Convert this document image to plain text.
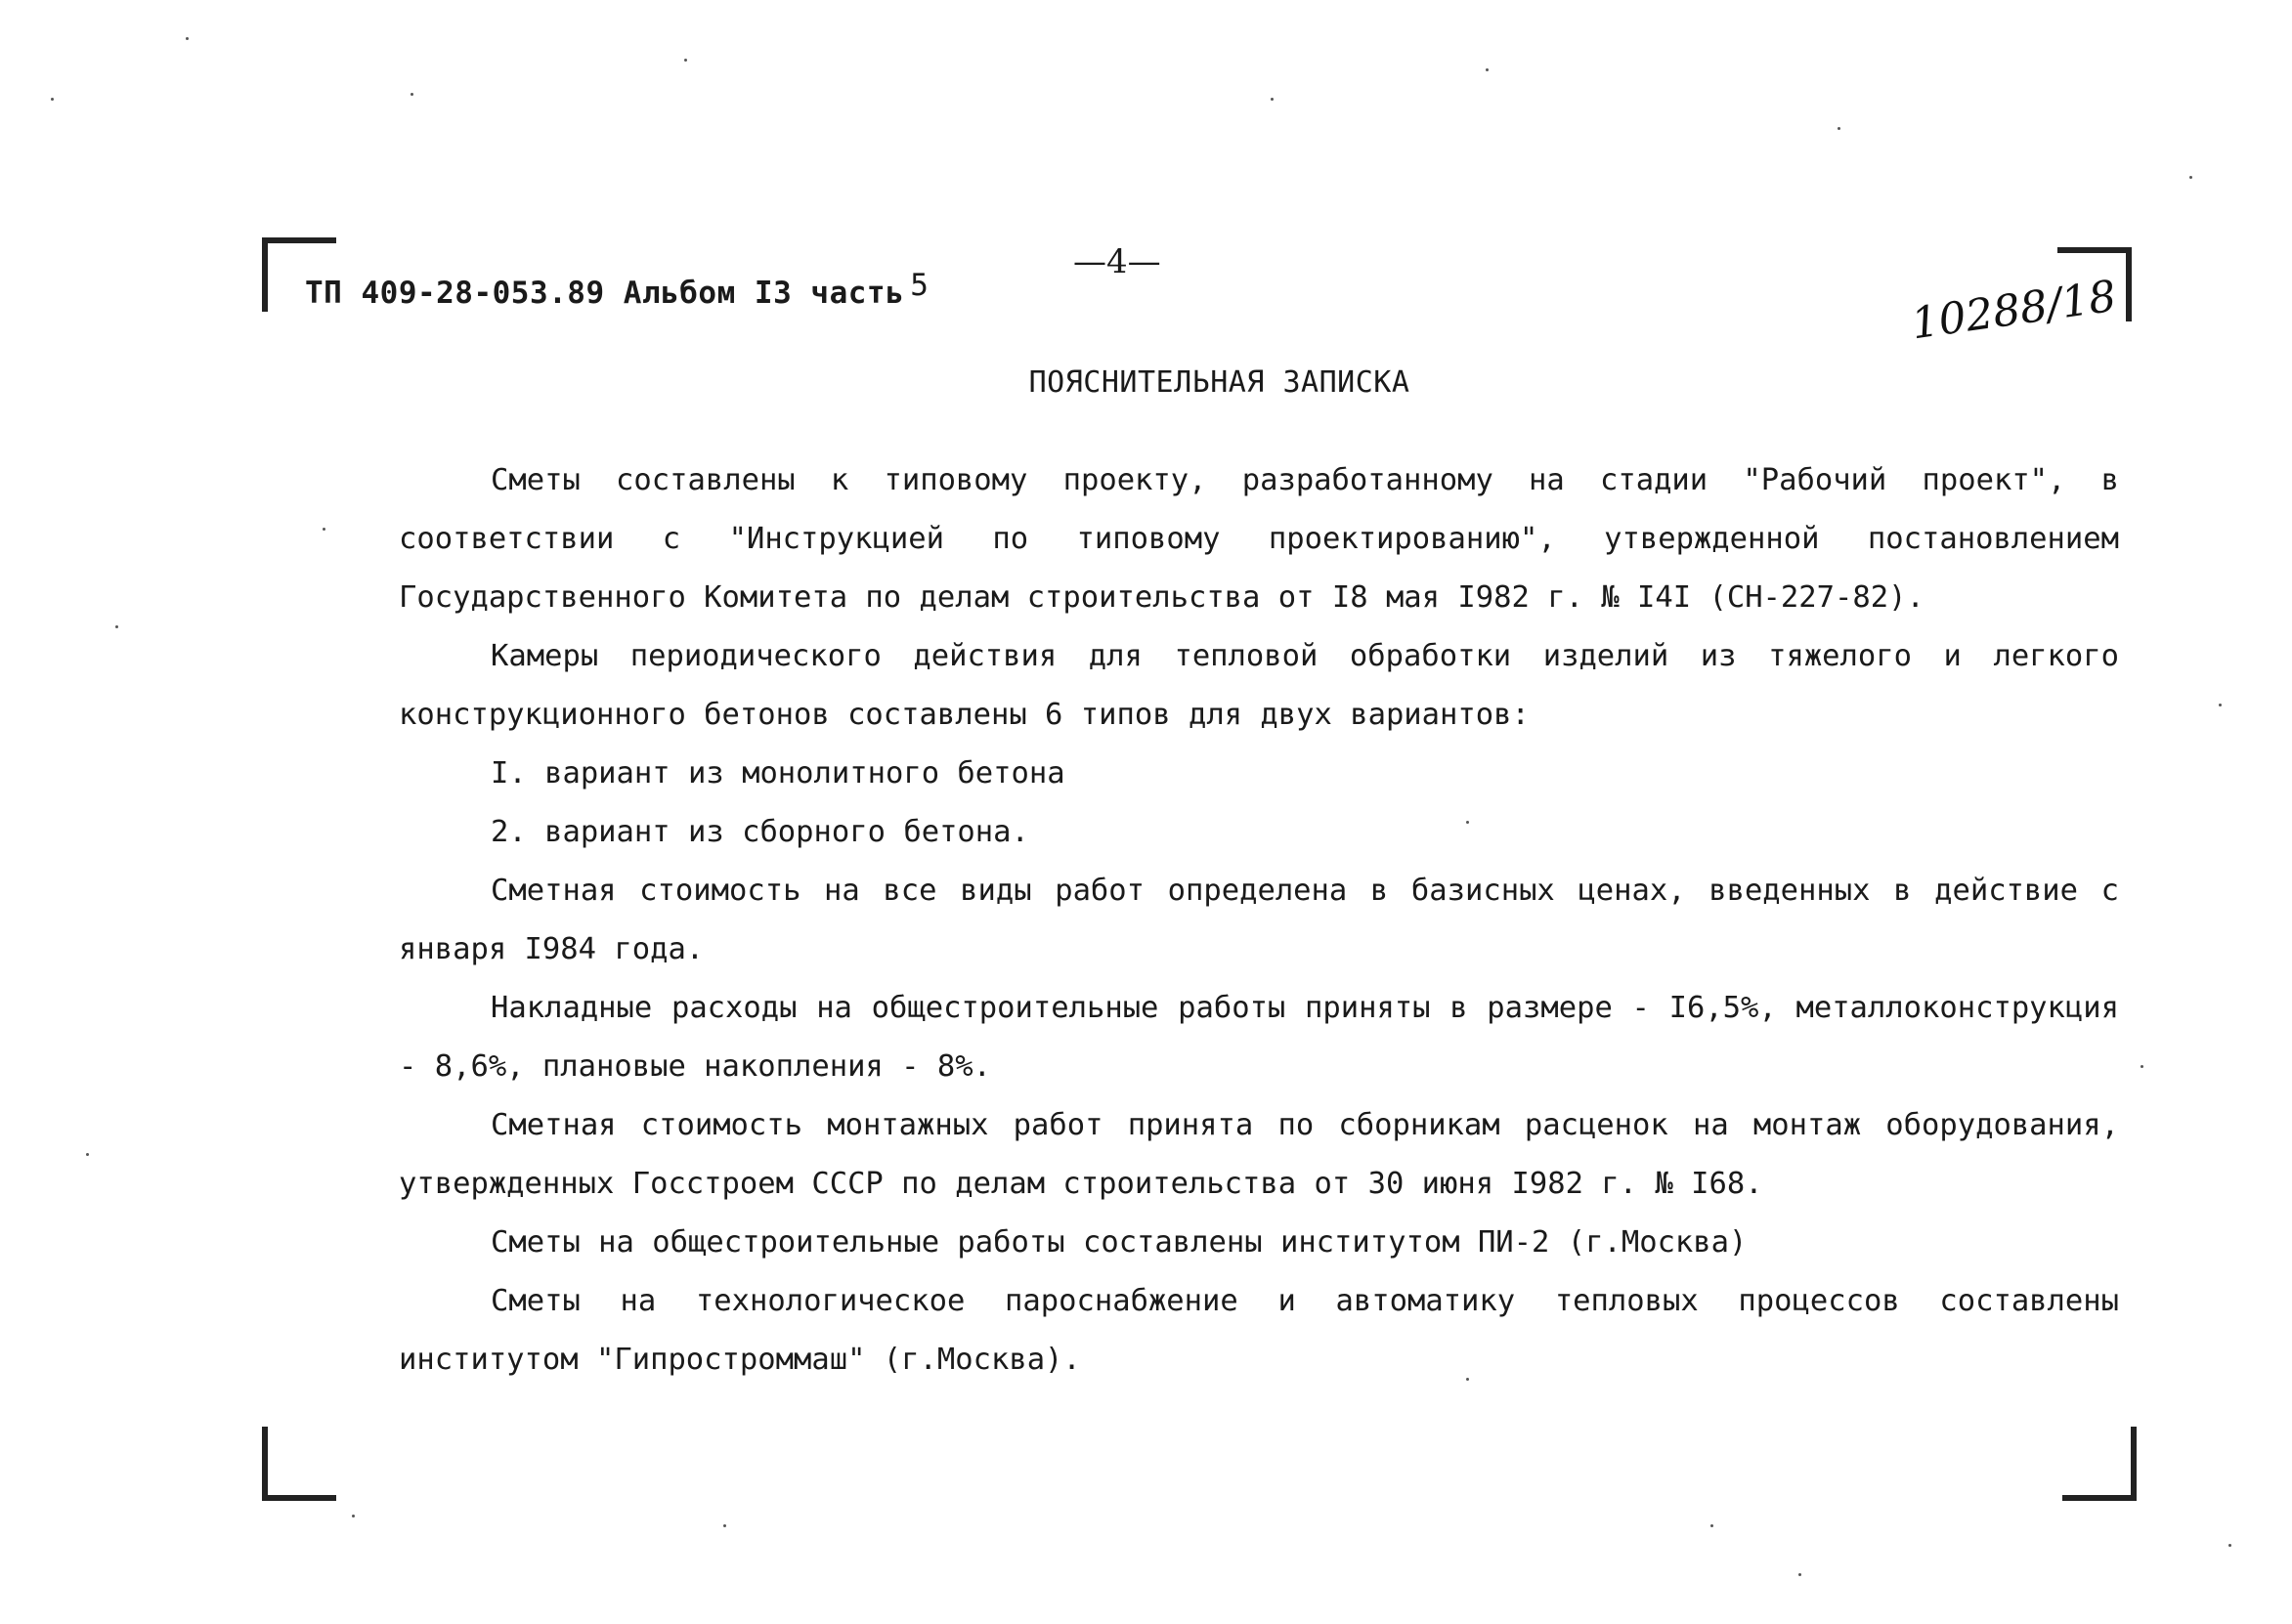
ТП 409-28-053.89 Альбом I3 часть 5
—4—
10288/18
ПОЯСНИТЕЛЬНАЯ ЗАПИСКА

Сметы составлены к типовому проекту, разработанному на стадии "Рабочий проект", в соответствии с "Инструкцией по типовому проектированию", утвержденной постановлением Государственного Комитета по делам строительства от I8 мая I982 г. № I4I (СН-227-82).

Камеры периодического действия для тепловой обработки изделий из тяжелого и легкого конструкционного бетонов составлены 6 типов для двух вариантов:

I. вариант из монолитного бетона

2. вариант из сборного бетона.

Сметная стоимость на все виды работ определена в базисных ценах, введенных в действие с января I984 года.

Накладные расходы на общестроительные работы приняты в размере - I6,5%, металлоконструкция - 8,6%, плановые накопления - 8%.

Сметная стоимость монтажных работ принята по сборникам расценок на монтаж оборудования, утвержденных Госстроем СССР по делам строительства от 30 июня I982 г. № I68.

Сметы на общестроительные работы составлены институтом ПИ-2 (г.Москва)

Сметы на технологическое пароснабжение и автоматику тепловых процессов составлены институтом "Гипростроммаш" (г.Москва).
